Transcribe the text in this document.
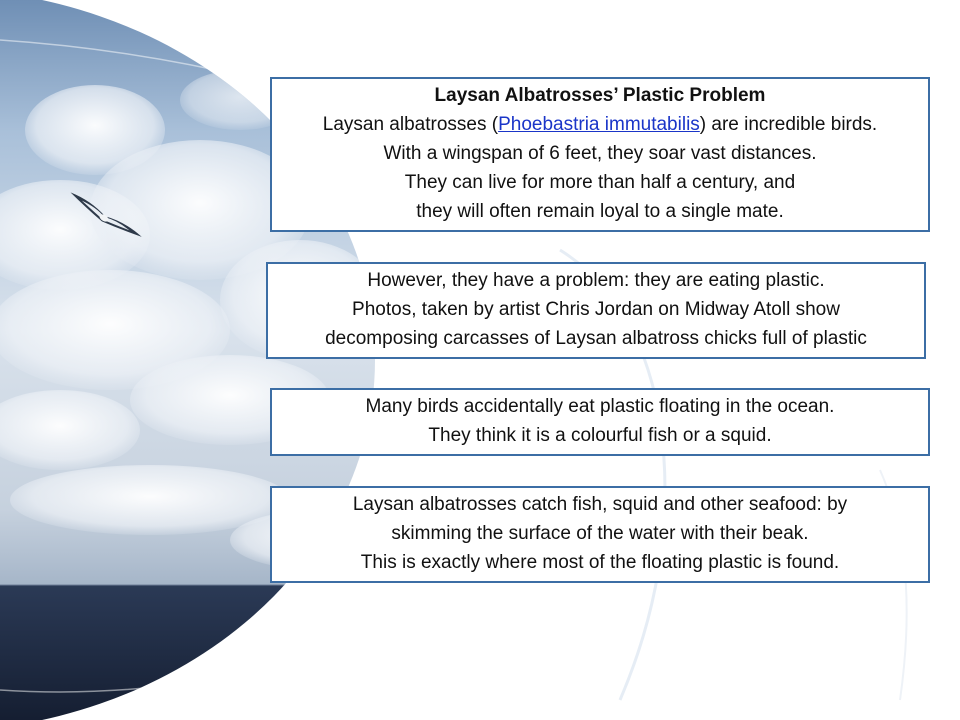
Laysan Albatrosses’ Plastic Problem

Laysan albatrosses (Phoebastria immutabilis) are incredible birds.

With a wingspan of 6 feet, they soar vast distances.

They can live for more than half a century, and

they will often remain loyal to a single mate.

However, they have a problem: they are eating plastic.

Photos, taken by artist Chris Jordan on Midway Atoll show

decomposing carcasses of Laysan albatross chicks full of plastic

Many birds accidentally eat plastic floating in the ocean.

They think it is a colourful fish or a squid.

Laysan albatrosses catch fish, squid and other seafood: by

skimming the surface of the water with their beak.

This is exactly where most of the floating plastic is found.
